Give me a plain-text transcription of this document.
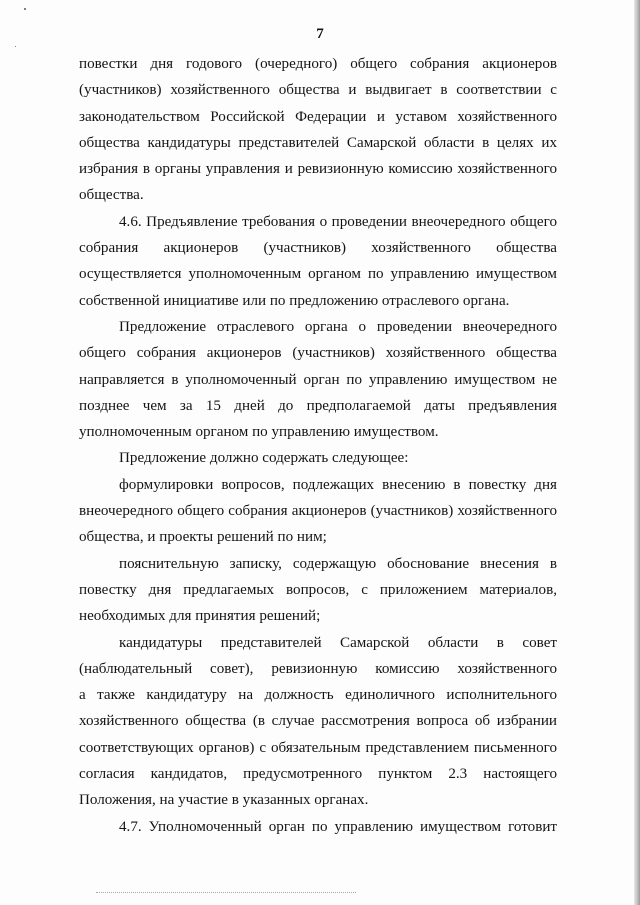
7

повестки дня годового (очередного) общего собрания акционеров
(участников) хозяйственного общества и выдвигает в соответствии с
законодательством Российской Федерации и уставом хозяйственного
общества кандидатуры представителей Самарской области в целях их
избрания в органы управления и ревизионную комиссию хозяйственного
общества.
4.6. Предъявление требования о проведении внеочередного общего
собрания акционеров (участников) хозяйственного общества
осуществляется уполномоченным органом по управлению имуществом
собственной инициативе или по предложению отраслевого органа.
Предложение отраслевого органа о проведении внеочередного
общего собрания акционеров (участников) хозяйственного общества
направляется в уполномоченный орган по управлению имуществом не
позднее чем за 15 дней до предполагаемой даты предъявления
уполномоченным органом по управлению имуществом.
Предложение должно содержать следующее:
формулировки вопросов, подлежащих внесению в повестку дня
внеочередного общего собрания акционеров (участников) хозяйственного
общества, и проекты решений по ним;
пояснительную записку, содержащую обоснование внесения в
повестку дня предлагаемых вопросов, с приложением материалов,
необходимых для принятия решений;
кандидатуры представителей Самарской области в совет
(наблюдательный совет), ревизионную комиссию хозяйственного
а также кандидатуру на должность единоличного исполнительного
хозяйственного общества (в случае рассмотрения вопроса об избрании
соответствующих органов) с обязательным представлением письменного
согласия кандидатов, предусмотренного пунктом 2.3 настоящего
Положения, на участие в указанных органах.
4.7. Уполномоченный орган по управлению имуществом готовит
